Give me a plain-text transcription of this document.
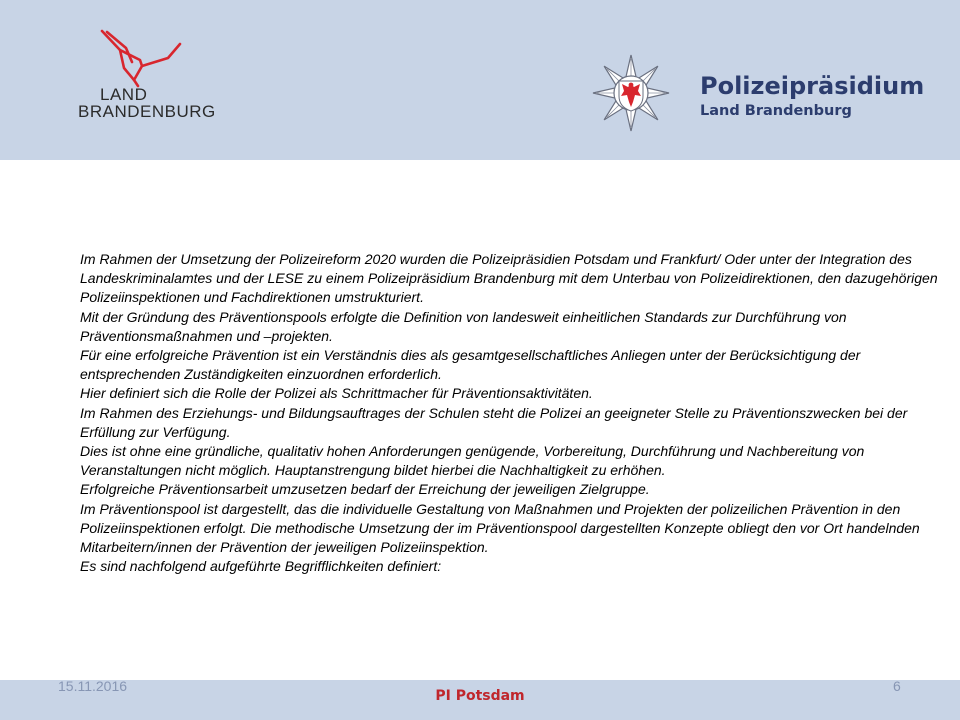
LAND
BRANDENBURG
Polizeipräsidium
Land Brandenburg

Im Rahmen der Umsetzung der Polizeireform 2020 wurden die Polizeipräsidien Potsdam und Frankfurt/ Oder unter der Integration des Landeskriminalamtes und der LESE zu einem Polizeipräsidium Brandenburg mit dem Unterbau von Polizeidirektionen, den dazugehörigen Polizeiinspektionen und Fachdirektionen umstrukturiert.

Mit der Gründung des Präventionspools erfolgte die Definition von landesweit einheitlichen Standards zur Durchführung von Präventionsmaßnahmen und –projekten.

Für eine erfolgreiche Prävention ist ein Verständnis dies als gesamtgesellschaftliches Anliegen unter der Berücksichtigung der entsprechenden Zuständigkeiten einzuordnen erforderlich.

Hier definiert sich die Rolle der Polizei als Schrittmacher für Präventionsaktivitäten.

Im Rahmen des Erziehungs- und Bildungsauftrages der Schulen steht die Polizei an geeigneter Stelle zu Präventionszwecken bei der Erfüllung zur Verfügung.

Dies ist ohne eine gründliche, qualitativ hohen Anforderungen genügende, Vorbereitung, Durchführung und Nachbereitung von Veranstaltungen nicht möglich. Hauptanstrengung bildet hierbei die Nachhaltigkeit zu erhöhen.

Erfolgreiche Präventionsarbeit umzusetzen bedarf der Erreichung der jeweiligen Zielgruppe.

Im Präventionspool ist dargestellt, das die individuelle Gestaltung von Maßnahmen und Projekten der polizeilichen Prävention in den Polizeiinspektionen erfolgt. Die methodische Umsetzung der im Präventionspool dargestellten Konzepte obliegt den vor Ort handelnden Mitarbeitern/innen der Prävention der jeweiligen Polizeiinspektion.

Es sind nachfolgend aufgeführte Begrifflichkeiten definiert:

15.11.2016	6
PI Potsdam
